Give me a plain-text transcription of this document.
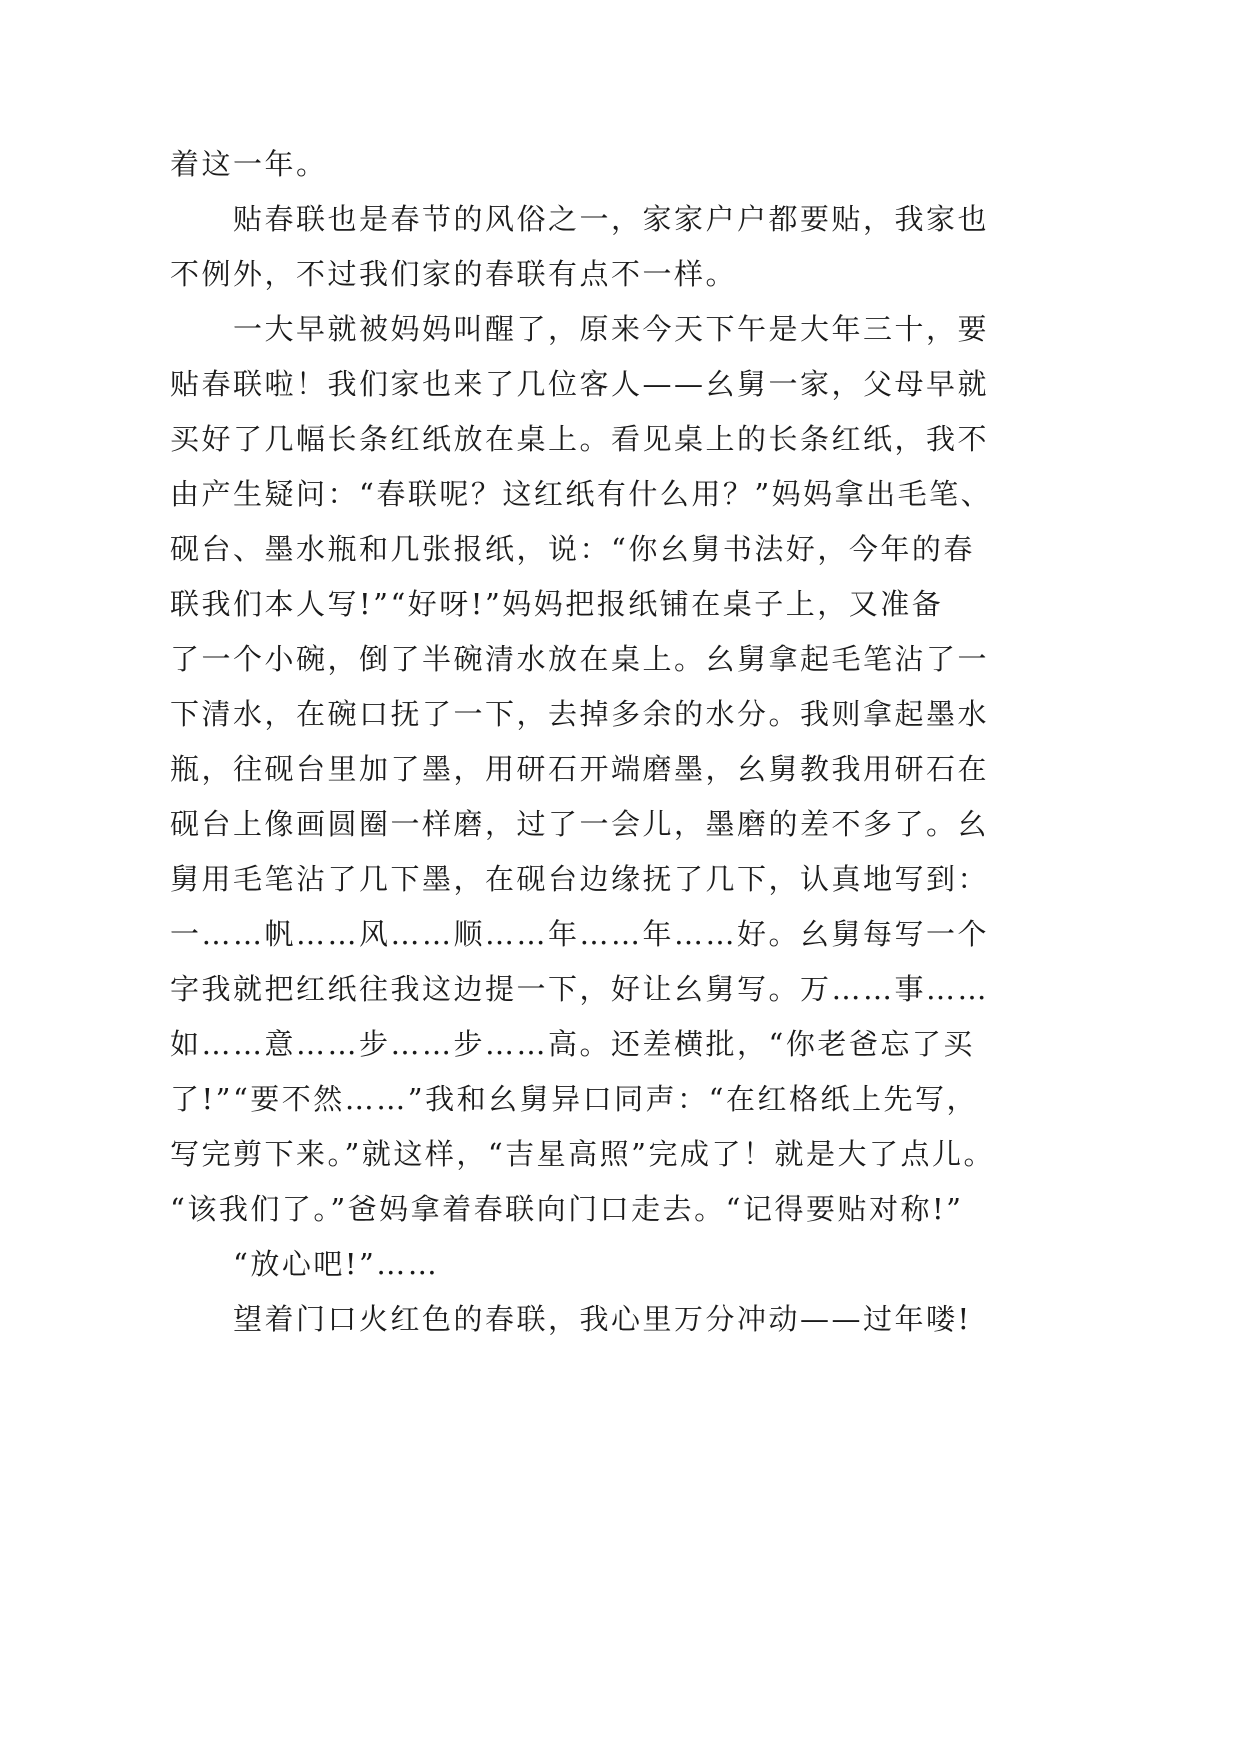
着这一年。
贴春联也是春节的风俗之一，家家户户都要贴，我家也
不例外，不过我们家的春联有点不一样。
一大早就被妈妈叫醒了，原来今天下午是大年三十，要
贴春联啦！我们家也来了几位客人——幺舅一家，父母早就
买好了几幅长条红纸放在桌上。看见桌上的长条红纸，我不
由产生疑问：“春联呢？这红纸有什么用？”妈妈拿出毛笔、
砚台、墨水瓶和几张报纸，说：“你幺舅书法好，今年的春
联我们本人写!”“好呀!”妈妈把报纸铺在桌子上，又准备
了一个小碗，倒了半碗清水放在桌上。幺舅拿起毛笔沾了一
下清水，在碗口抚了一下，去掉多余的水分。我则拿起墨水
瓶，往砚台里加了墨，用研石开端磨墨，幺舅教我用研石在
砚台上像画圆圈一样磨，过了一会儿，墨磨的差不多了。幺
舅用毛笔沾了几下墨，在砚台边缘抚了几下，认真地写到：
一……帆……风……顺……年……年……好。幺舅每写一个
字我就把红纸往我这边提一下，好让幺舅写。万……事……
如……意……步……步……高。还差横批，“你老爸忘了买
了!”“要不然……”我和幺舅异口同声：“在红格纸上先写，
写完剪下来。”就这样，“吉星高照”完成了！就是大了点儿。
“该我们了。”爸妈拿着春联向门口走去。“记得要贴对称!”
“放心吧!”……
望着门口火红色的春联，我心里万分冲动——过年喽!
